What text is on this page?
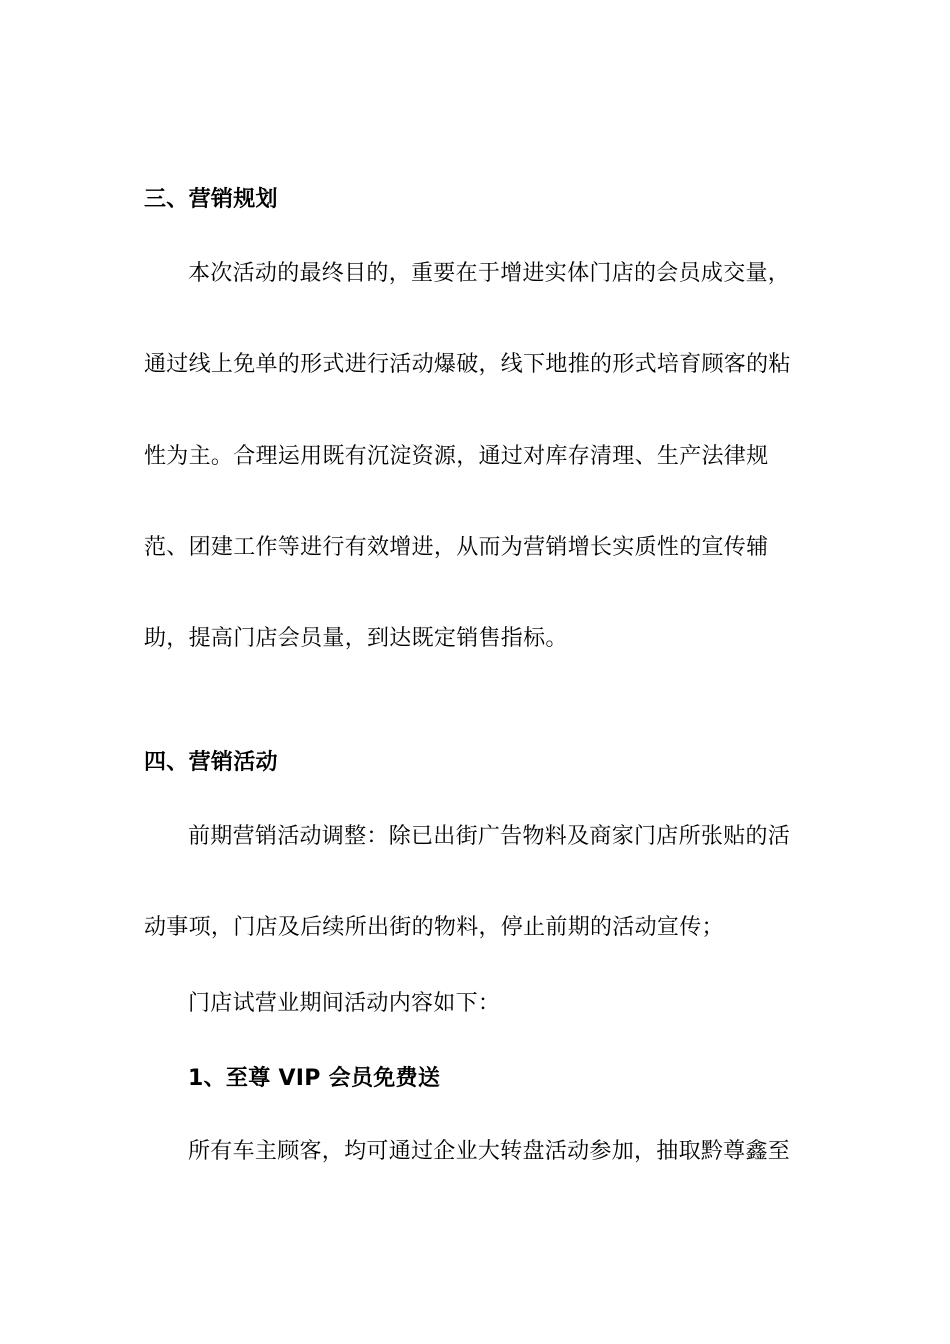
三、营销规划
本次活动的最终目的，重要在于增进实体门店的会员成交量，
通过线上免单的形式进行活动爆破，线下地推的形式培育顾客的粘
性为主。合理运用既有沉淀资源，通过对库存清理、生产法律规
范、团建工作等进行有效增进，从而为营销增长实质性的宣传辅
助，提高门店会员量，到达既定销售指标。
四、营销活动
前期营销活动调整：除已出街广告物料及商家门店所张贴的活
动事项，门店及后续所出街的物料，停止前期的活动宣传；
门店试营业期间活动内容如下：
1、至尊 VIP 会员免费送
所有车主顾客，均可通过企业大转盘活动参加，抽取黔尊鑫至
